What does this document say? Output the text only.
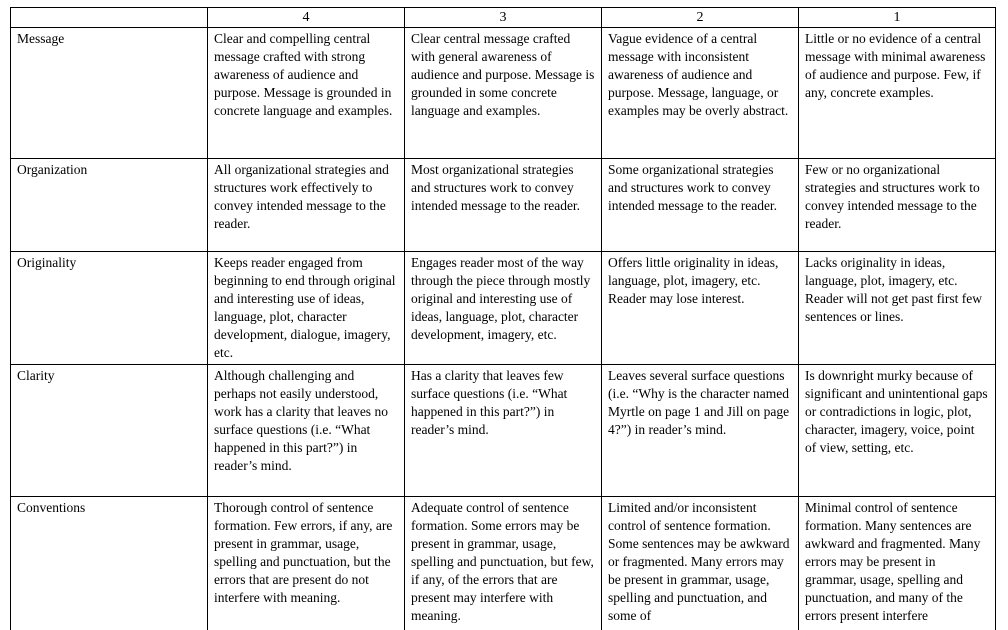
	4	3	2	1
Message	Clear and compelling central message crafted with strong awareness of audience and purpose. Message is grounded in concrete language and examples.	Clear central message crafted with general awareness of audience and purpose. Message is grounded in some concrete language and examples.	Vague evidence of a central message with inconsistent awareness of audience and purpose. Message, language, or examples may be overly abstract.	Little or no evidence of a central message with minimal awareness of audience and purpose. Few, if any, concrete examples.
Organization	All organizational strategies and structures work effectively to convey intended message to the reader.	Most organizational strategies and structures work to convey intended message to the reader.	Some organizational strategies and structures work to convey intended message to the reader.	Few or no organizational strategies and structures work to convey intended message to the reader.
Originality	Keeps reader engaged from beginning to end through original and interesting use of ideas, language, plot, character development, dialogue, imagery, etc.	Engages reader most of the way through the piece through mostly original and interesting use of ideas, language, plot, character development, imagery, etc.	Offers little originality in ideas, language, plot, imagery, etc. Reader may lose interest.	Lacks originality in ideas, language, plot, imagery, etc. Reader will not get past first few sentences or lines.
Clarity	Although challenging and perhaps not easily understood, work has a clarity that leaves no surface questions (i.e. “What happened in this part?”) in reader’s mind.	Has a clarity that leaves few surface questions (i.e. “What happened in this part?”) in reader’s mind.	Leaves several surface questions (i.e. “Why is the character named Myrtle on page 1 and Jill on page 4?”) in reader’s mind.	Is downright murky because of significant and unintentional gaps or contradictions in logic, plot, character, imagery, voice, point of view, setting, etc.
Conventions	Thorough control of sentence formation. Few errors, if any, are present in grammar, usage, spelling and punctuation, but the errors that are present do not interfere with meaning.	Adequate control of sentence formation. Some errors may be present in grammar, usage, spelling and punctuation, but few, if any, of the errors that are present may interfere with meaning.	Limited and/or inconsistent control of sentence formation. Some sentences may be awkward or fragmented. Many errors may be present in grammar, usage, spelling and punctuation, and some of	Minimal control of sentence formation. Many sentences are awkward and fragmented. Many errors may be present in grammar, usage, spelling and punctuation, and many of the errors present interfere
